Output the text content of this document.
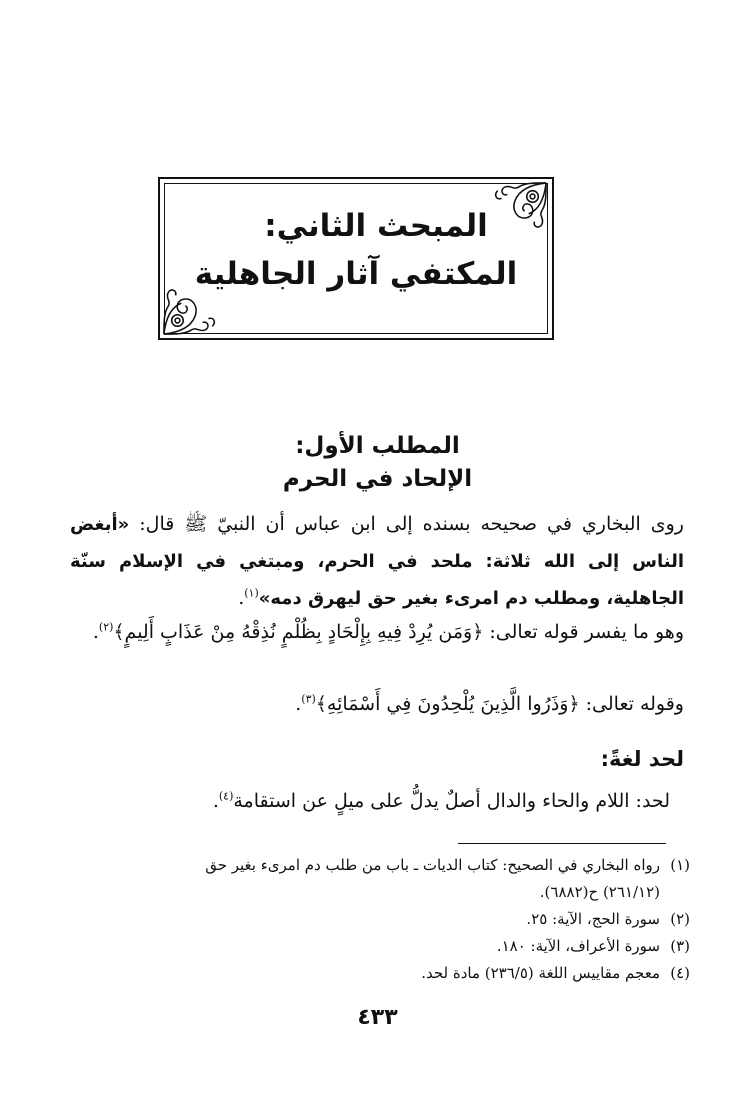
المبحث الثاني:
المكتفي آثار الجاهلية
المطلب الأول:
الإلحاد في الحرم
روى البخاري في صحيحه بسنده إلى ابن عباس أن النبيّ ﷺ قال: «أبغض الناس إلى الله ثلاثة: ملحد في الحرم، ومبتغي في الإسلام سنّة الجاهلية، ومطلب دم امرىء بغير حق ليهرق دمه»$^{(١)}$.
وهو ما يفسر قوله تعالى: ﴿وَمَن يُرِدْ فِيهِ بِإِلْحَادٍ بِظُلْمٍ نُذِقْهُ مِنْ عَذَابٍ أَلِيمٍ﴾$^{(٢)}$.
وقوله تعالى: ﴿وَذَرُوا الَّذِينَ يُلْحِدُونَ فِي أَسْمَائِهِ﴾$^{(٣)}$.
لحد لغةً:
لحد: اللام والحاء والدال أصلٌ يدلُّ على ميلٍ عن استقامة$^{(٤)}$.
(١)رواه البخاري في الصحيح: كتاب الديات ـ باب من طلب دم امرىء بغير حق
(٢٦١/١٢) ح(٦٨٨٢).
(٢)سورة الحج، الآية: ٢٥.
(٣)سورة الأعراف، الآية: ١٨٠.
(٤)معجم مقاييس اللغة (٢٣٦/٥) مادة لحد.
٤٣٣
